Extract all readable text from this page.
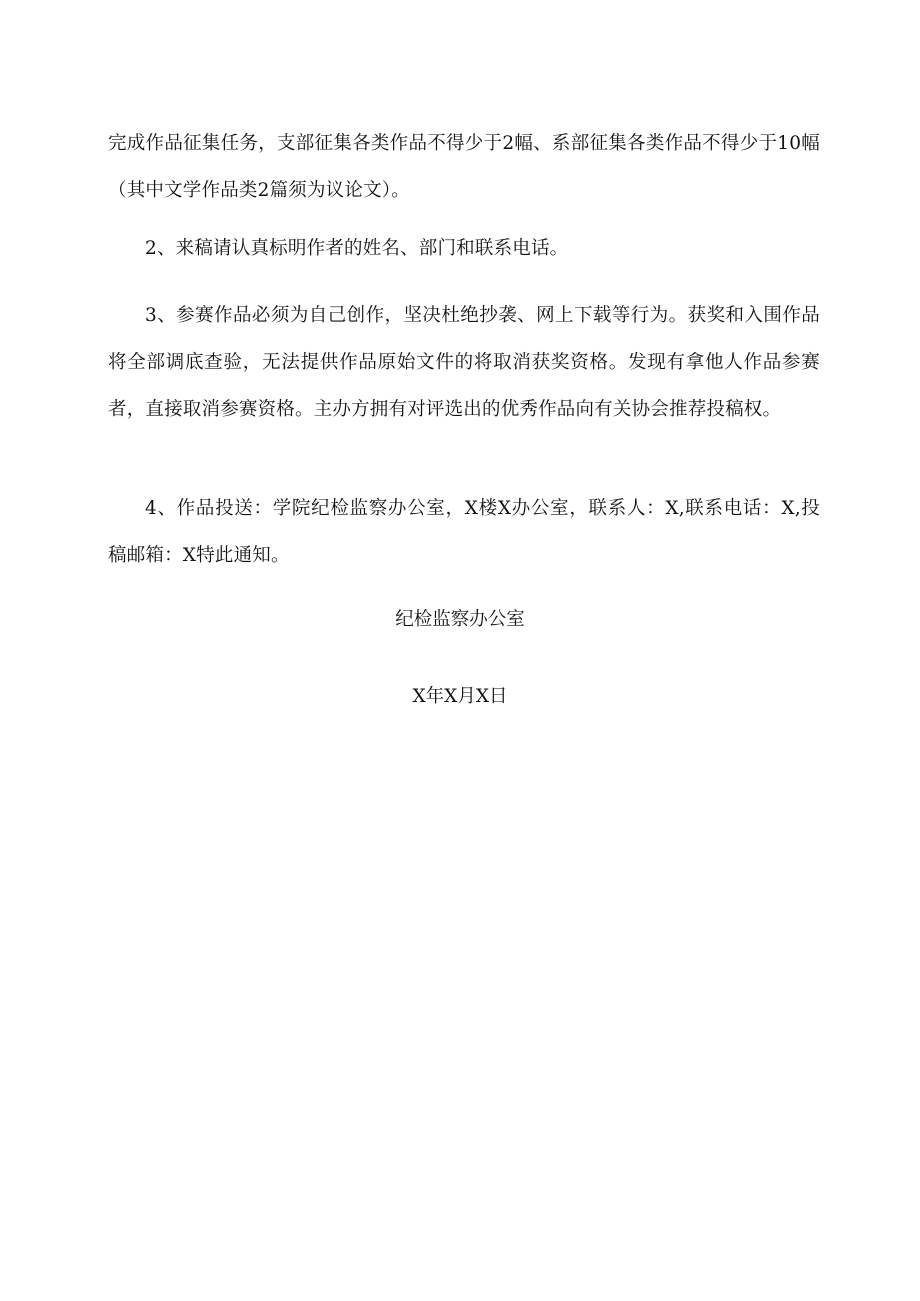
完成作品征集任务，支部征集各类作品不得少于2幅、系部征集各类作品不得少于10幅（其中文学作品类2篇须为议论文）。

2、来稿请认真标明作者的姓名、部门和联系电话。

3、参赛作品必须为自己创作，坚决杜绝抄袭、网上下载等行为。获奖和入围作品将全部调底查验，无法提供作品原始文件的将取消获奖资格。发现有拿他人作品参赛者，直接取消参赛资格。主办方拥有对评选出的优秀作品向有关协会推荐投稿权。

4、作品投送：学院纪检监察办公室，X楼X办公室，联系人：X,联系电话：X,投稿邮箱：X特此通知。

纪检监察办公室
X年X月X日
